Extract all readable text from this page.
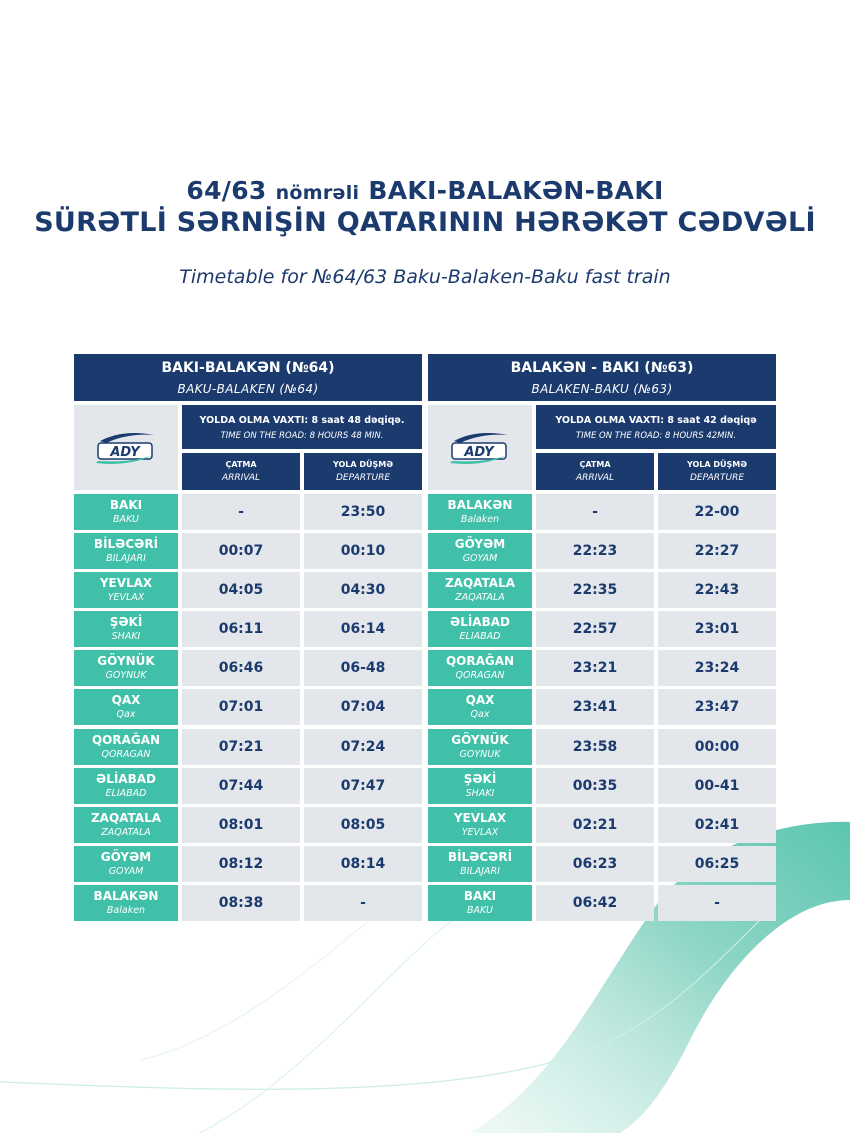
64/63 nömrəli BAKI-BALAKƏN-BAKI
SÜRƏTLİ SƏRNİŞİN QATARININ HƏRƏKƏT CƏDVƏLİ
Timetable for №64/63 Baku-Balaken-Baku fast train
BAKI-BALAKƏN (№64)
BAKU-BALAKEN (№64)
ADY
YOLDA OLMA VAXTI: 8 saat 48 dəqiqə.
TIME ON THE ROAD: 8 HOURS 48 MIN.
ÇATMA
ARRIVAL
YOLA DÜŞMƏ
DEPARTURE
BAKI
BAKU	-	23:50
BİLƏCƏRİ
BILAJARI	00:07	00:10
YEVLAX
YEVLAX	04:05	04:30
ŞƏKİ
SHAKI	06:11	06:14
GÖYNÜK
GOYNUK	06:46	06-48
QAX
Qax	07:01	07:04
QORAĞAN
QORAGAN	07:21	07:24
ƏLİABAD
ELIABAD	07:44	07:47
ZAQATALA
ZAQATALA	08:01	08:05
GÖYƏM
GOYAM	08:12	08:14
BALAKƏN
Balaken	08:38	-
BALAKƏN - BAKI (№63)
BALAKEN-BAKU (№63)
ADY
YOLDA OLMA VAXTI: 8 saat 42 dəqiqə
TIME ON THE ROAD: 8 HOURS 42MIN.
ÇATMA
ARRIVAL
YOLA DÜŞMƏ
DEPARTURE
BALAKƏN
Balaken	-	22-00
GÖYƏM
GOYAM	22:23	22:27
ZAQATALA
ZAQATALA	22:35	22:43
ƏLİABAD
ELIABAD	22:57	23:01
QORAĞAN
QORAGAN	23:21	23:24
QAX
Qax	23:41	23:47
GÖYNÜK
GOYNUK	23:58	00:00
ŞƏKİ
SHAKI	00:35	00-41
YEVLAX
YEVLAX	02:21	02:41
BİLƏCƏRİ
BILAJARI	06:23	06:25
BAKI
BAKU	06:42	-
